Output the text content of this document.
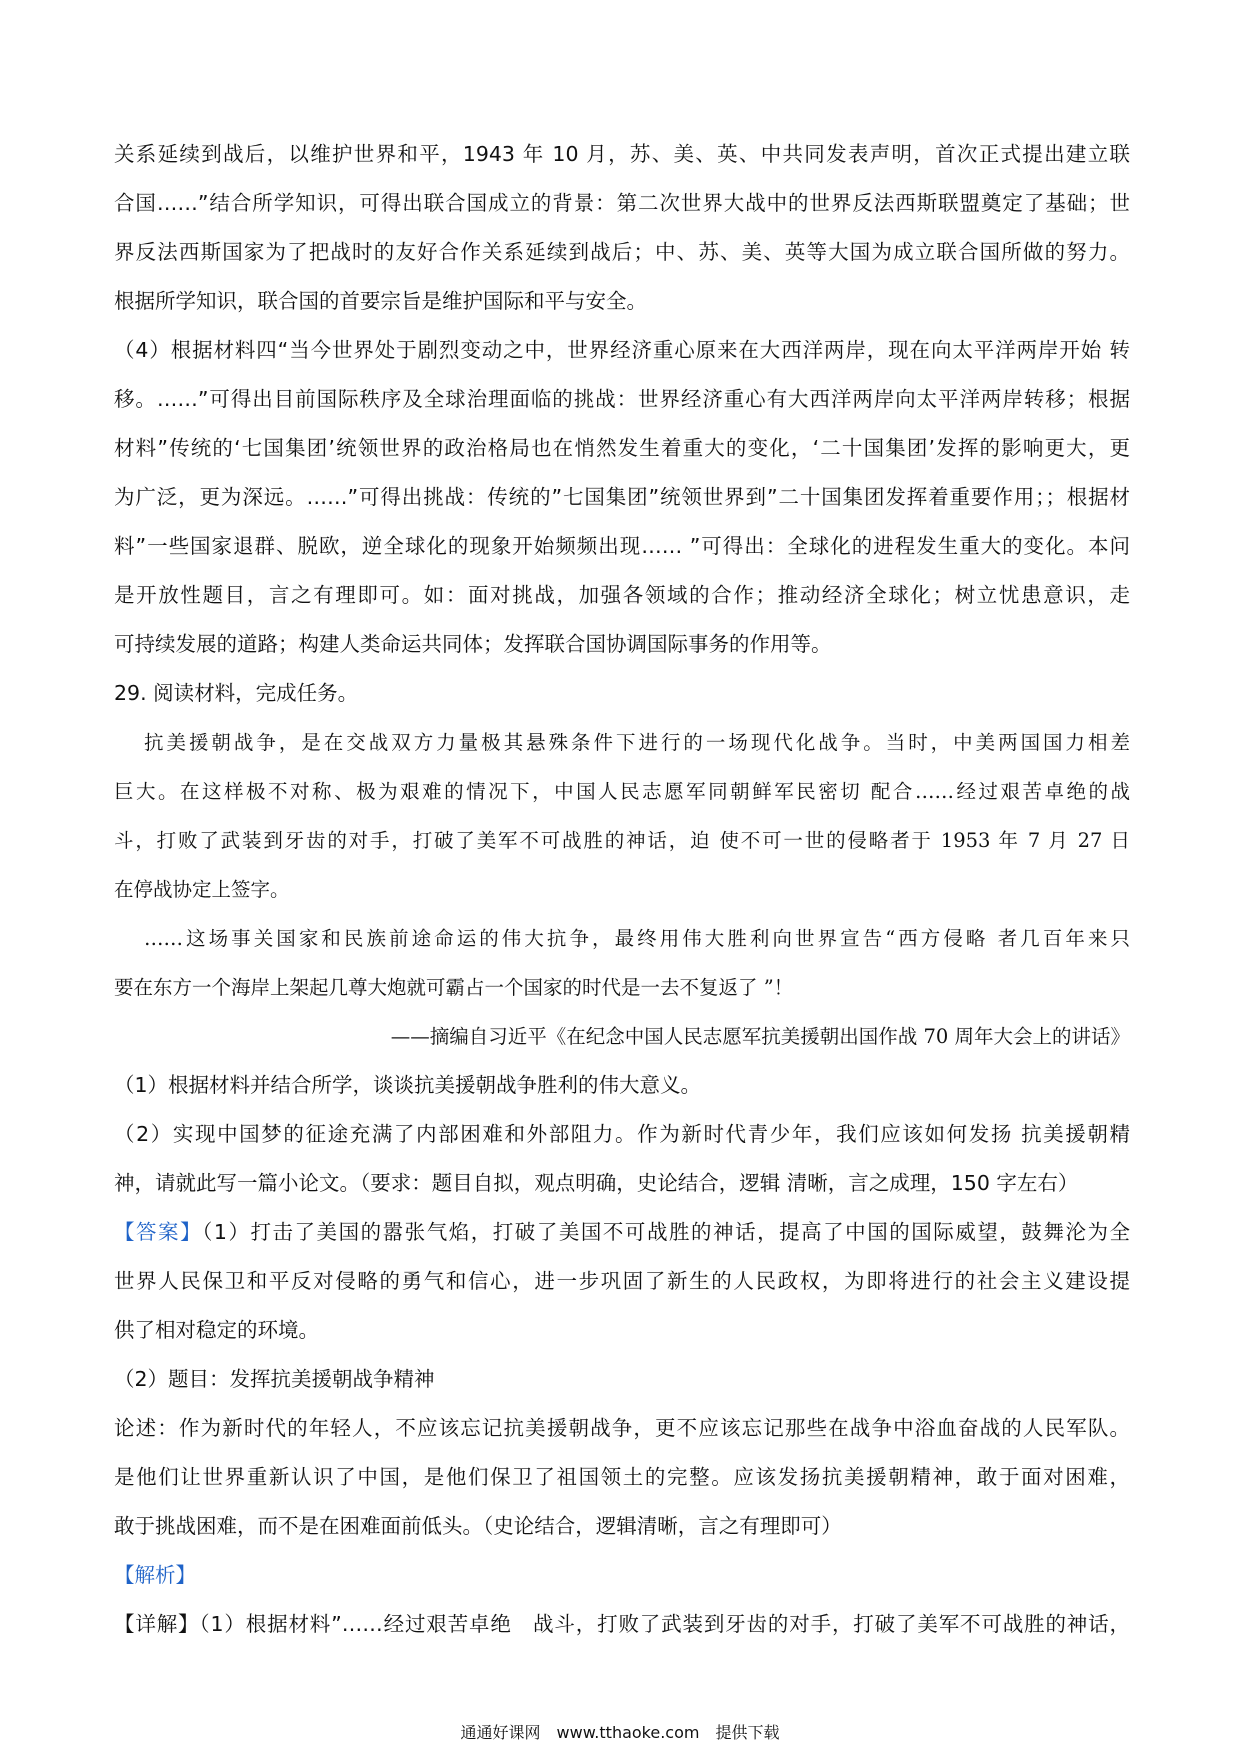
关系延续到战后，以维护世界和平，1943 年 10 月，苏、美、英、中共同发表声明，首次正式提出建立联
合国……”结合所学知识，可得出联合国成立的背景：第二次世界大战中的世界反法西斯联盟奠定了基础；世
界反法西斯国家为了把战时的友好合作关系延续到战后；中、苏、美、英等大国为成立联合国所做的努力。
根据所学知识，联合国的首要宗旨是维护国际和平与安全。
（4）根据材料四“当今世界处于剧烈变动之中，世界经济重心原来在大西洋两岸，现在向太平洋两岸开始 转
移。……”可得出目前国际秩序及全球治理面临的挑战：世界经济重心有大西洋两岸向太平洋两岸转移；根据
材料”传统的‘七国集团’统领世界的政治格局也在悄然发生着重大的变化，‘二十国集团’发挥的影响更大，更
为广泛，更为深远。……”可得出挑战：传统的”七国集团”统领世界到”二十国集团发挥着重要作用；；根据材
料”一些国家退群、脱欧，逆全球化的现象开始频频出现…… ”可得出：全球化的进程发生重大的变化。本问
是开放性题目，言之有理即可。如：面对挑战，加强各领域的合作；推动经济全球化；树立忧患意识，走
可持续发展的道路；构建人类命运共同体；发挥联合国协调国际事务的作用等。
29. 阅读材料，完成任务。
抗美援朝战争，是在交战双方力量极其悬殊条件下进行的一场现代化战争。当时，中美两国国力相差
巨大。在这样极不对称、极为艰难的情况下，中国人民志愿军同朝鲜军民密切 配合……经过艰苦卓绝的战
斗，打败了武装到牙齿的对手，打破了美军不可战胜的神话，迫 使不可一世的侵略者于 1953 年 7 月 27 日
在停战协定上签字。
……这场事关国家和民族前途命运的伟大抗争，最终用伟大胜利向世界宣告“西方侵略 者几百年来只
要在东方一个海岸上架起几尊大炮就可霸占一个国家的时代是一去不复返了 ”！
——摘编自习近平《在纪念中国人民志愿军抗美援朝出国作战 70 周年大会上的讲话》
（1）根据材料并结合所学，谈谈抗美援朝战争胜利的伟大意义。
（2）实现中国梦的征途充满了内部困难和外部阻力。作为新时代青少年，我们应该如何发扬 抗美援朝精
神，请就此写一篇小论文。（要求：题目自拟，观点明确，史论结合，逻辑 清晰，言之成理，150 字左右）
【答案】（1）打击了美国的嚣张气焰，打破了美国不可战胜的神话，提高了中国的国际威望，鼓舞沦为全
世界人民保卫和平反对侵略的勇气和信心，进一步巩固了新生的人民政权，为即将进行的社会主义建设提
供了相对稳定的环境。
（2）题目：发挥抗美援朝战争精神
论述：作为新时代的年轻人，不应该忘记抗美援朝战争，更不应该忘记那些在战争中浴血奋战的人民军队。
是他们让世界重新认识了中国，是他们保卫了祖国领土的完整。应该发扬抗美援朝精神，敢于面对困难，
敢于挑战困难，而不是在困难面前低头。（史论结合，逻辑清晰，言之有理即可）
【解析】
【详解】（1）根据材料”……经过艰苦卓绝　战斗，打败了武装到牙齿的对手，打破了美军不可战胜的神话，
通通好课网　www.tthaoke.com　提供下载
